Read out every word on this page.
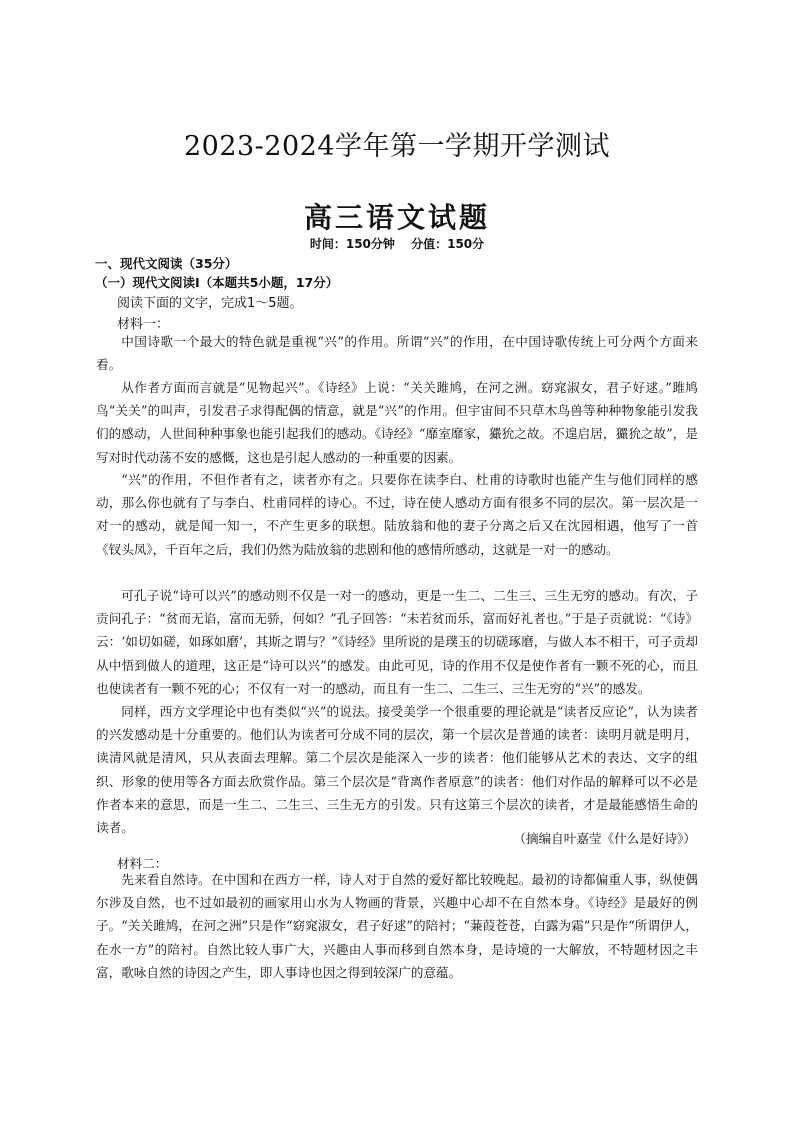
2023-2024学年第一学期开学测试
高三语文试题
时间：150分钟 分值：150分
一、现代文阅读（35分）
（一）现代文阅读Ⅰ（本题共5小题，17分）
阅读下面的文字，完成1～5题。
材料一：

中国诗歌一个最大的特色就是重视“兴”的作用。所谓“兴”的作用，在中国诗歌传统上可分两个方面来看。

从作者方面而言就是“见物起兴”。《诗经》上说：“关关雎鸠，在河之洲。窈窕淑女，君子好逑。”雎鸠鸟“关关”的叫声，引发君子求得配偶的情意，就是“兴”的作用。但宇宙间不只草木鸟兽等种种物象能引发我们的感动，人世间种种事象也能引起我们的感动。《诗经》“靡室靡家，玁狁之故。不遑启居，玁狁之故”，是写对时代动荡不安的感慨，这也是引起人感动的一种重要的因素。

“兴”的作用，不但作者有之，读者亦有之。只要你在读李白、杜甫的诗歌时也能产生与他们同样的感动，那么你也就有了与李白、杜甫同样的诗心。不过，诗在使人感动方面有很多不同的层次。第一层次是一对一的感动，就是闻一知一，不产生更多的联想。陆放翁和他的妻子分离之后又在沈园相遇，他写了一首《钗头凤》，千百年之后，我们仍然为陆放翁的悲剧和他的感情所感动，这就是一对一的感动。

可孔子说“诗可以兴”的感动则不仅是一对一的感动，更是一生二、二生三、三生无穷的感动。有次，子贡问孔子：“贫而无谄，富而无骄，何如？”孔子回答：“未若贫而乐，富而好礼者也。”于是子贡就说：“《诗》云：‘如切如磋，如琢如磨’，其斯之谓与？”《诗经》里所说的是璞玉的切磋琢磨，与做人本不相干，可子贡却从中悟到做人的道理，这正是“诗可以兴”的感发。由此可见，诗的作用不仅是使作者有一颗不死的心，而且也使读者有一颗不死的心；不仅有一对一的感动，而且有一生二、二生三、三生无穷的“兴”的感发。

同样，西方文学理论中也有类似“兴”的说法。接受美学一个很重要的理论就是“读者反应论”，认为读者的兴发感动是十分重要的。他们认为读者可分成不同的层次，第一个层次是普通的读者：读明月就是明月，读清风就是清风，只从表面去理解。第二个层次是能深入一步的读者：他们能够从艺术的表达、文字的组织、形象的使用等各方面去欣赏作品。第三个层次是“背离作者原意”的读者：他们对作品的解释可以不必是作者本来的意思，而是一生二、二生三、三生无方的引发。只有这第三个层次的读者，才是最能感悟生命的读者。

（摘编自叶嘉莹《什么是好诗》）
材料二：

先来看自然诗。在中国和在西方一样，诗人对于自然的爱好都比较晚起。最初的诗都偏重人事，纵使偶尔涉及自然，也不过如最初的画家用山水为人物画的背景，兴趣中心却不在自然本身。《诗经》是最好的例子。“关关雎鸠，在河之洲”只是作“窈窕淑女，君子好逑”的陪衬；“蒹葭苍苍，白露为霜”只是作“所谓伊人，在水一方”的陪衬。自然比较人事广大，兴趣由人事而移到自然本身，是诗境的一大解放，不特题材因之丰富，歌咏自然的诗因之产生，即人事诗也因之得到较深广的意蕴。
